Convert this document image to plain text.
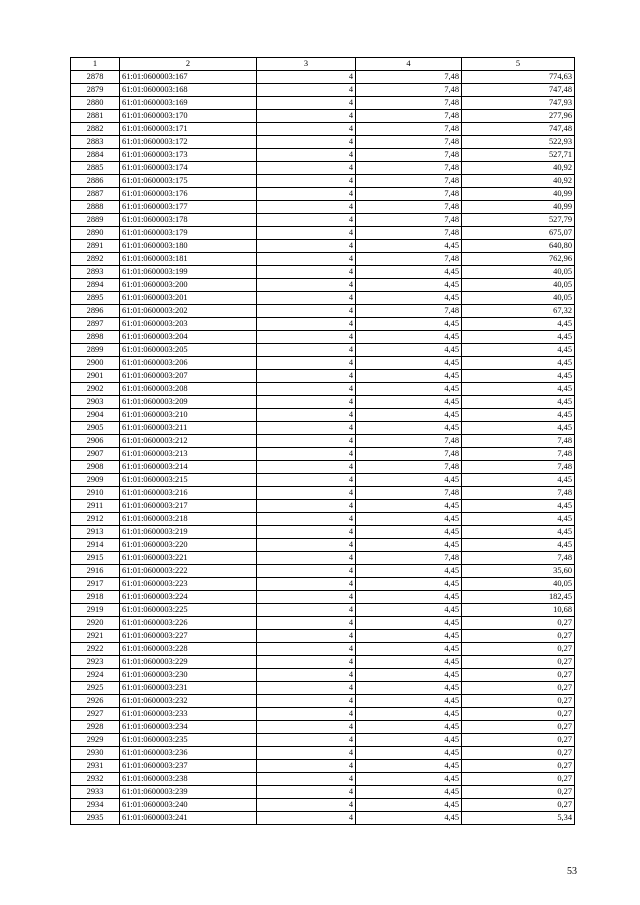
1	2	3	4	5
2878	61:01:0600003:167	4	7,48	774,63
2879	61:01:0600003:168	4	7,48	747,48
2880	61:01:0600003:169	4	7,48	747,93
2881	61:01:0600003:170	4	7,48	277,96
2882	61:01:0600003:171	4	7,48	747,48
2883	61:01:0600003:172	4	7,48	522,93
2884	61:01:0600003:173	4	7,48	527,71
2885	61:01:0600003:174	4	7,48	40,92
2886	61:01:0600003:175	4	7,48	40,92
2887	61:01:0600003:176	4	7,48	40,99
2888	61:01:0600003:177	4	7,48	40,99
2889	61:01:0600003:178	4	7,48	527,79
2890	61:01:0600003:179	4	7,48	675,07
2891	61:01:0600003:180	4	4,45	640,80
2892	61:01:0600003:181	4	7,48	762,96
2893	61:01:0600003:199	4	4,45	40,05
2894	61:01:0600003:200	4	4,45	40,05
2895	61:01:0600003:201	4	4,45	40,05
2896	61:01:0600003:202	4	7,48	67,32
2897	61:01:0600003:203	4	4,45	4,45
2898	61:01:0600003:204	4	4,45	4,45
2899	61:01:0600003:205	4	4,45	4,45
2900	61:01:0600003:206	4	4,45	4,45
2901	61:01:0600003:207	4	4,45	4,45
2902	61:01:0600003:208	4	4,45	4,45
2903	61:01:0600003:209	4	4,45	4,45
2904	61:01:0600003:210	4	4,45	4,45
2905	61:01:0600003:211	4	4,45	4,45
2906	61:01:0600003:212	4	7,48	7,48
2907	61:01:0600003:213	4	7,48	7,48
2908	61:01:0600003:214	4	7,48	7,48
2909	61:01:0600003:215	4	4,45	4,45
2910	61:01:0600003:216	4	7,48	7,48
2911	61:01:0600003:217	4	4,45	4,45
2912	61:01:0600003:218	4	4,45	4,45
2913	61:01:0600003:219	4	4,45	4,45
2914	61:01:0600003:220	4	4,45	4,45
2915	61:01:0600003:221	4	7,48	7,48
2916	61:01:0600003:222	4	4,45	35,60
2917	61:01:0600003:223	4	4,45	40,05
2918	61:01:0600003:224	4	4,45	182,45
2919	61:01:0600003:225	4	4,45	10,68
2920	61:01:0600003:226	4	4,45	0,27
2921	61:01:0600003:227	4	4,45	0,27
2922	61:01:0600003:228	4	4,45	0,27
2923	61:01:0600003:229	4	4,45	0,27
2924	61:01:0600003:230	4	4,45	0,27
2925	61:01:0600003:231	4	4,45	0,27
2926	61:01:0600003:232	4	4,45	0,27
2927	61:01:0600003:233	4	4,45	0,27
2928	61:01:0600003:234	4	4,45	0,27
2929	61:01:0600003:235	4	4,45	0,27
2930	61:01:0600003:236	4	4,45	0,27
2931	61:01:0600003:237	4	4,45	0,27
2932	61:01:0600003:238	4	4,45	0,27
2933	61:01:0600003:239	4	4,45	0,27
2934	61:01:0600003:240	4	4,45	0,27
2935	61:01:0600003:241	4	4,45	5,34
53
